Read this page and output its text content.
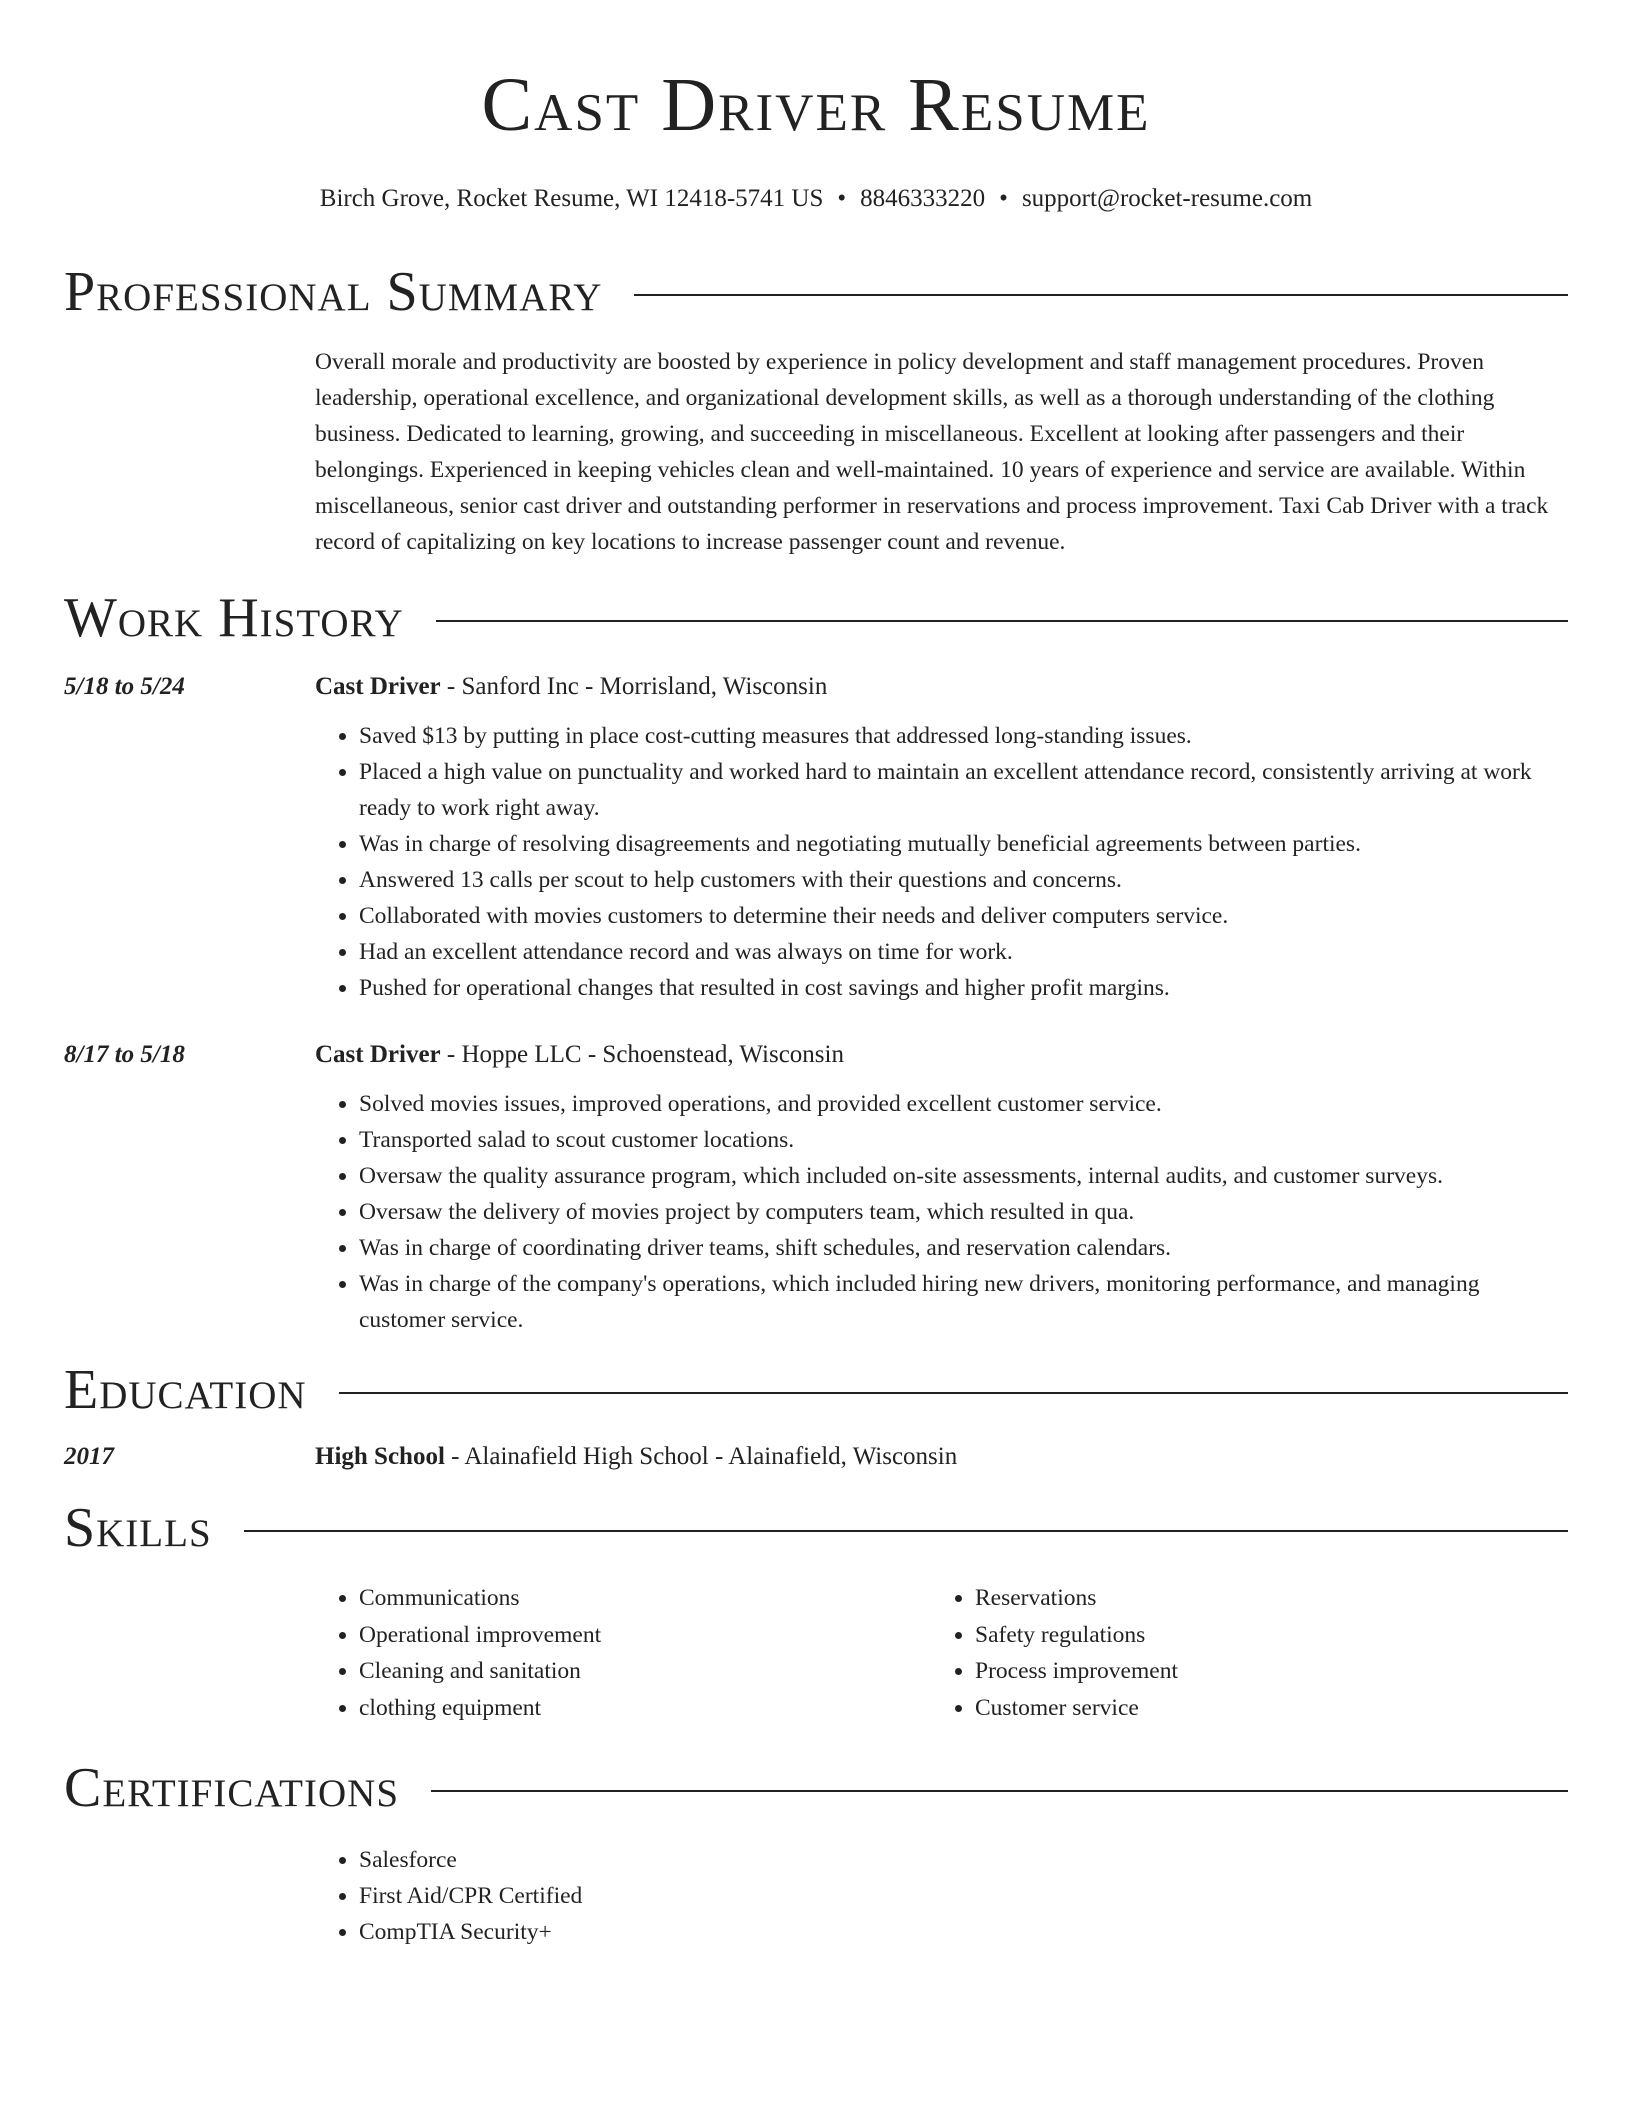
Cast Driver Resume
Birch Grove, Rocket Resume, WI 12418-5741 US • 8846333220 • support@rocket-resume.com
Professional Summary
Overall morale and productivity are boosted by experience in policy development and staff management procedures. Proven leadership, operational excellence, and organizational development skills, as well as a thorough understanding of the clothing business. Dedicated to learning, growing, and succeeding in miscellaneous. Excellent at looking after passengers and their belongings. Experienced in keeping vehicles clean and well-maintained. 10 years of experience and service are available. Within miscellaneous, senior cast driver and outstanding performer in reservations and process improvement. Taxi Cab Driver with a track record of capitalizing on key locations to increase passenger count and revenue.
Work History
5/18 to 5/24	Cast Driver - Sanford Inc - Morrisland, Wisconsin
• Saved $13 by putting in place cost-cutting measures that addressed long-standing issues.
• Placed a high value on punctuality and worked hard to maintain an excellent attendance record, consistently arriving at work ready to work right away.
• Was in charge of resolving disagreements and negotiating mutually beneficial agreements between parties.
• Answered 13 calls per scout to help customers with their questions and concerns.
• Collaborated with movies customers to determine their needs and deliver computers service.
• Had an excellent attendance record and was always on time for work.
• Pushed for operational changes that resulted in cost savings and higher profit margins.
8/17 to 5/18	Cast Driver - Hoppe LLC - Schoenstead, Wisconsin
• Solved movies issues, improved operations, and provided excellent customer service.
• Transported salad to scout customer locations.
• Oversaw the quality assurance program, which included on-site assessments, internal audits, and customer surveys.
• Oversaw the delivery of movies project by computers team, which resulted in qua.
• Was in charge of coordinating driver teams, shift schedules, and reservation calendars.
• Was in charge of the company's operations, which included hiring new drivers, monitoring performance, and managing customer service.
Education
2017	High School - Alainafield High School - Alainafield, Wisconsin
Skills
• Communications
• Operational improvement
• Cleaning and sanitation
• clothing equipment
• Reservations
• Safety regulations
• Process improvement
• Customer service
Certifications
• Salesforce
• First Aid/CPR Certified
• CompTIA Security+
